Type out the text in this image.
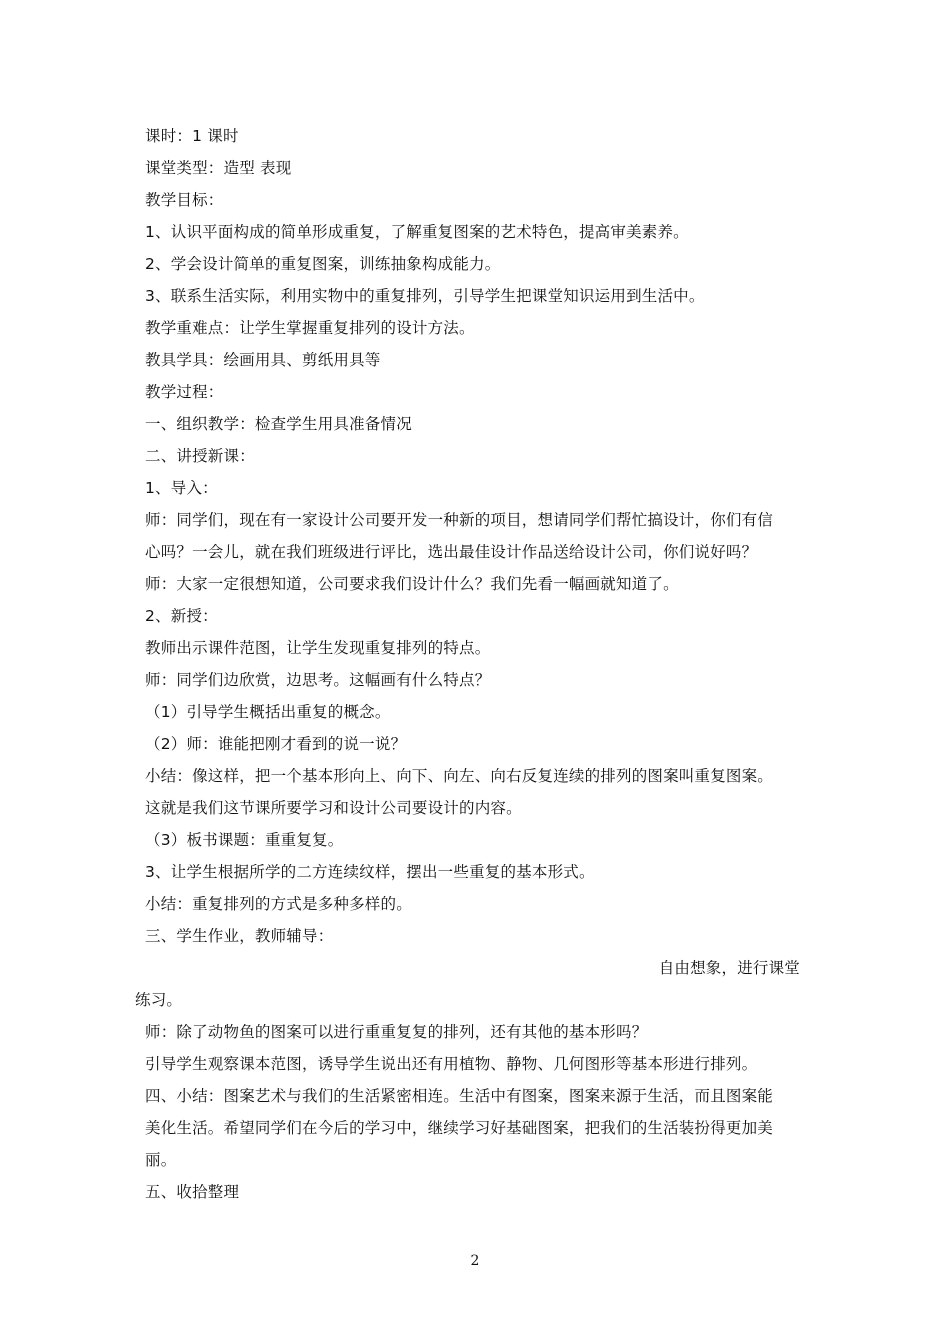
课时：1 课时
课堂类型：造型 表现
教学目标：
1、认识平面构成的简单形成重复，了解重复图案的艺术特色，提高审美素养。
2、学会设计简单的重复图案，训练抽象构成能力。
3、联系生活实际，利用实物中的重复排列，引导学生把课堂知识运用到生活中。
教学重难点：让学生掌握重复排列的设计方法。
教具学具：绘画用具、剪纸用具等
教学过程：
一、组织教学：检查学生用具准备情况
二、讲授新课：
1、导入：
师：同学们，现在有一家设计公司要开发一种新的项目，想请同学们帮忙搞设计，你们有信
心吗？一会儿，就在我们班级进行评比，选出最佳设计作品送给设计公司，你们说好吗？
师：大家一定很想知道，公司要求我们设计什么？我们先看一幅画就知道了。
2、新授：
教师出示课件范图，让学生发现重复排列的特点。
师：同学们边欣赏，边思考。这幅画有什么特点？
（1）引导学生概括出重复的概念。
（2）师：谁能把刚才看到的说一说？
小结：像这样，把一个基本形向上、向下、向左、向右反复连续的排列的图案叫重复图案。
这就是我们这节课所要学习和设计公司要设计的内容。
（3）板书课题：重重复复。
3、让学生根据所学的二方连续纹样，摆出一些重复的基本形式。
小结：重复排列的方式是多种多样的。
三、学生作业，教师辅导：
自由想象，进行课堂
练习。
师：除了动物鱼的图案可以进行重重复复的排列，还有其他的基本形吗？
引导学生观察课本范图，诱导学生说出还有用植物、静物、几何图形等基本形进行排列。
四、小结：图案艺术与我们的生活紧密相连。生活中有图案，图案来源于生活，而且图案能
美化生活。希望同学们在今后的学习中，继续学习好基础图案，把我们的生活装扮得更加美
丽。
五、收拾整理
2
